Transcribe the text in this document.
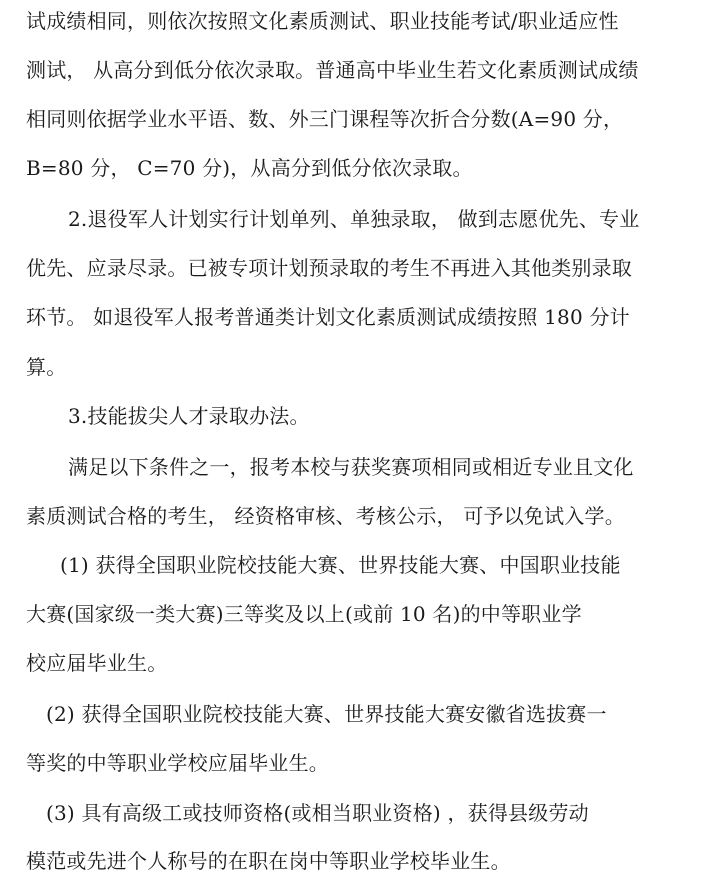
试成绩相同，则依次按照文化素质测试、职业技能考试/职业适应性
测试， 从高分到低分依次录取。普通高中毕业生若文化素质测试成绩
相同则依据学业水平语、数、外三门课程等次折合分数(A=90 分，
B=80 分， C=70 分)，从高分到低分依次录取。
2.退役军人计划实行计划单列、单独录取， 做到志愿优先、专业
优先、应录尽录。已被专项计划预录取的考生不再进入其他类别录取
环节。 如退役军人报考普通类计划文化素质测试成绩按照 180 分计
算。
3.技能拔尖人才录取办法。
满足以下条件之一，报考本校与获奖赛项相同或相近专业且文化
素质测试合格的考生， 经资格审核、考核公示， 可予以免试入学。
(1) 获得全国职业院校技能大赛、世界技能大赛、中国职业技能
大赛(国家级一类大赛)三等奖及以上(或前 10 名)的中等职业学
校应届毕业生。
(2) 获得全国职业院校技能大赛、世界技能大赛安徽省选拔赛一
等奖的中等职业学校应届毕业生。
(3) 具有高级工或技师资格(或相当职业资格) ，获得县级劳动
模范或先进个人称号的在职在岗中等职业学校毕业生。
